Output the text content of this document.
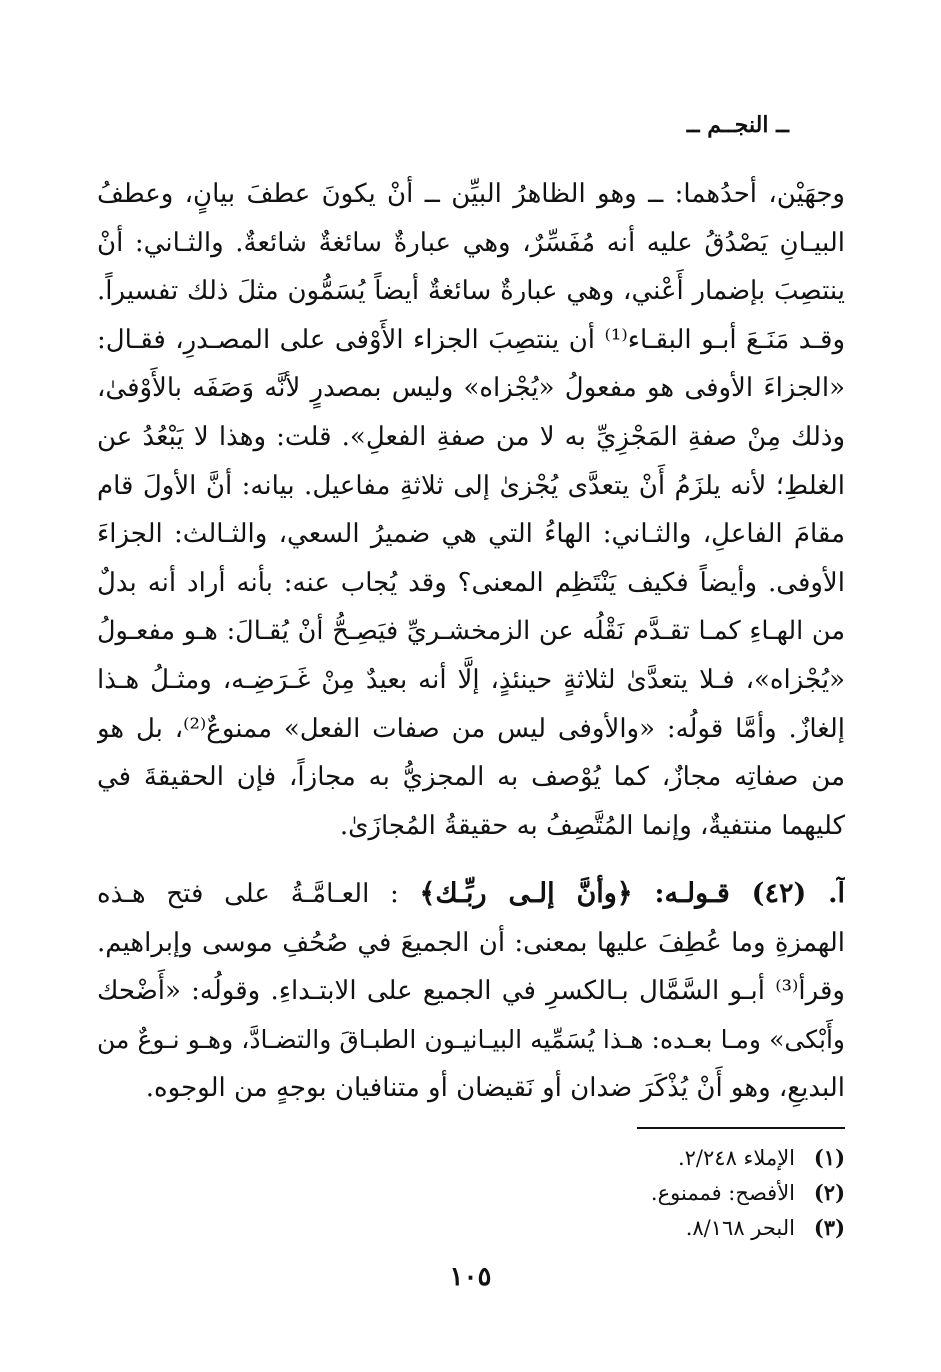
ــ النجــم ــ
وجهَيْن، أحدُهما: ــ وهو الظاهرُ البيِّن ــ أنْ يكونَ عطفَ بيانٍ، وعطفُ
البيـانِ يَصْدُقُ عليه أنه مُفَسِّرٌ، وهي عبارةٌ سائغةٌ شائعةٌ. والثـاني: أنْ
ينتصِبَ بإضمار أَعْني، وهي عبارةٌ سائغةٌ أيضاً يُسَمُّون مثلَ ذلك تفسيراً.
وقـد مَنَـعَ أبـو البقـاء⁽¹⁾ أن ينتصِبَ الجزاء الأَوْفى على المصـدرِ، فقـال:
«الجزاءَ الأوفى هو مفعولُ «يُجْزاه» وليس بمصدرٍ لأنَّه وَصَفَه بالأَوْفىٰ،
وذلك مِنْ صفةِ المَجْزِيِّ به لا من صفةِ الفعلِ». قلت: وهذا لا يَبْعُدُ عن
الغلطِ؛ لأنه يلزَمُ أَنْ يتعدَّى يُجْزىٰ إلى ثلاثةِ مفاعيل. بيانه: أنَّ الأولَ قام
مقامَ الفاعلِ، والثـاني: الهاءُ التي هي ضميرُ السعي، والثـالث: الجزاءَ
الأوفى. وأيضاً فكيف يَنْتَظِم المعنى؟ وقد يُجاب عنه: بأنه أراد أنه بدلٌ
من الهـاءِ كمـا تقـدَّم نَقْلُه عن الزمخشـريِّ فيَصِـحُّ أنْ يُقـالَ: هـو مفعـولُ
«يُجْزاه»، فـلا يتعدَّىٰ لثلاثةٍ حينئذٍ، إلَّا أنه بعيدٌ مِنْ غَـرَضِـه، ومثـلُ هـذا
إلغازٌ. وأمَّا قولُه: «والأوفى ليس من صفات الفعل» ممنوعٌ⁽²⁾، بل هو
من صفاتِه مجازٌ، كما يُوْصف به المجزيُّ به مجازاً، فإن الحقيقةَ في
كليهما منتفيةٌ، وإنما المُتَّصِفُ به حقيقةُ المُجازَىٰ.
آ. (٤٢) قـولـه: ﴿وأنَّ إلـى ربِّـك﴾ : العـامَّـةُ على فتح هـذه
الهمزةِ وما عُطِفَ عليها بمعنى: أن الجميعَ في صُحُفِ موسى وإبراهيم.
وقرأ⁽³⁾ أبـو السَّمَّال بـالكسرِ في الجميع على الابتـداءِ. وقولُه: «أَضْحك
وأَبْكى» ومـا بعـده: هـذا يُسَمِّيه البيـانيـون الطبـاقَ والتضـادَّ، وهـو نـوعٌ من
البديعِ، وهو أَنْ يُذْكَرَ ضدان أو نَقيضان أو متنافيان بوجهٍ من الوجوه.
(١)الإملاء ٢/٢٤٨.
(٢)الأفصح: فممنوع.
(٣)البحر ٨/١٦٨.
١٠٥
